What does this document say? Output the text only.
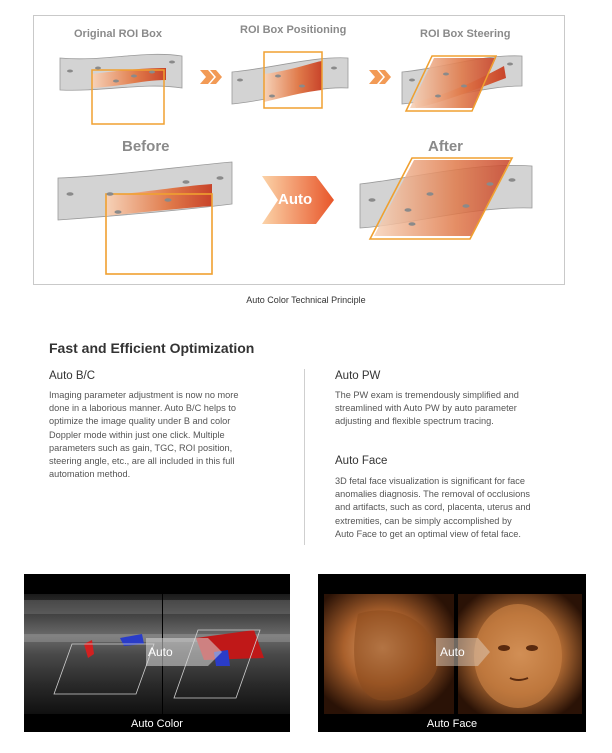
Original ROI Box	ROI Box Positioning	ROI Box Steering
Before	After
Auto
Auto Color Technical Principle
Fast and Efficient Optimization
Auto B/C
Imaging parameter adjustment is now no more
done in a laborious manner. Auto B/C helps to
optimize the image quality under B and color
Doppler mode within just one click. Multiple
parameters such as gain, TGC, ROI position,
steering angle, etc., are all included in this full
automation method.
Auto PW
The PW exam is tremendously simplified and
streamlined with Auto PW by auto parameter
adjusting and flexible spectrum tracing.
Auto Face
3D fetal face visualization is significant for face
anomalies diagnosis. The removal of occlusions
and artifacts, such as cord, placenta, uterus and
extremities, can be simply accomplished by
Auto Face to get an optimal view of fetal face.
Auto
Auto Color
Auto
Auto Face
